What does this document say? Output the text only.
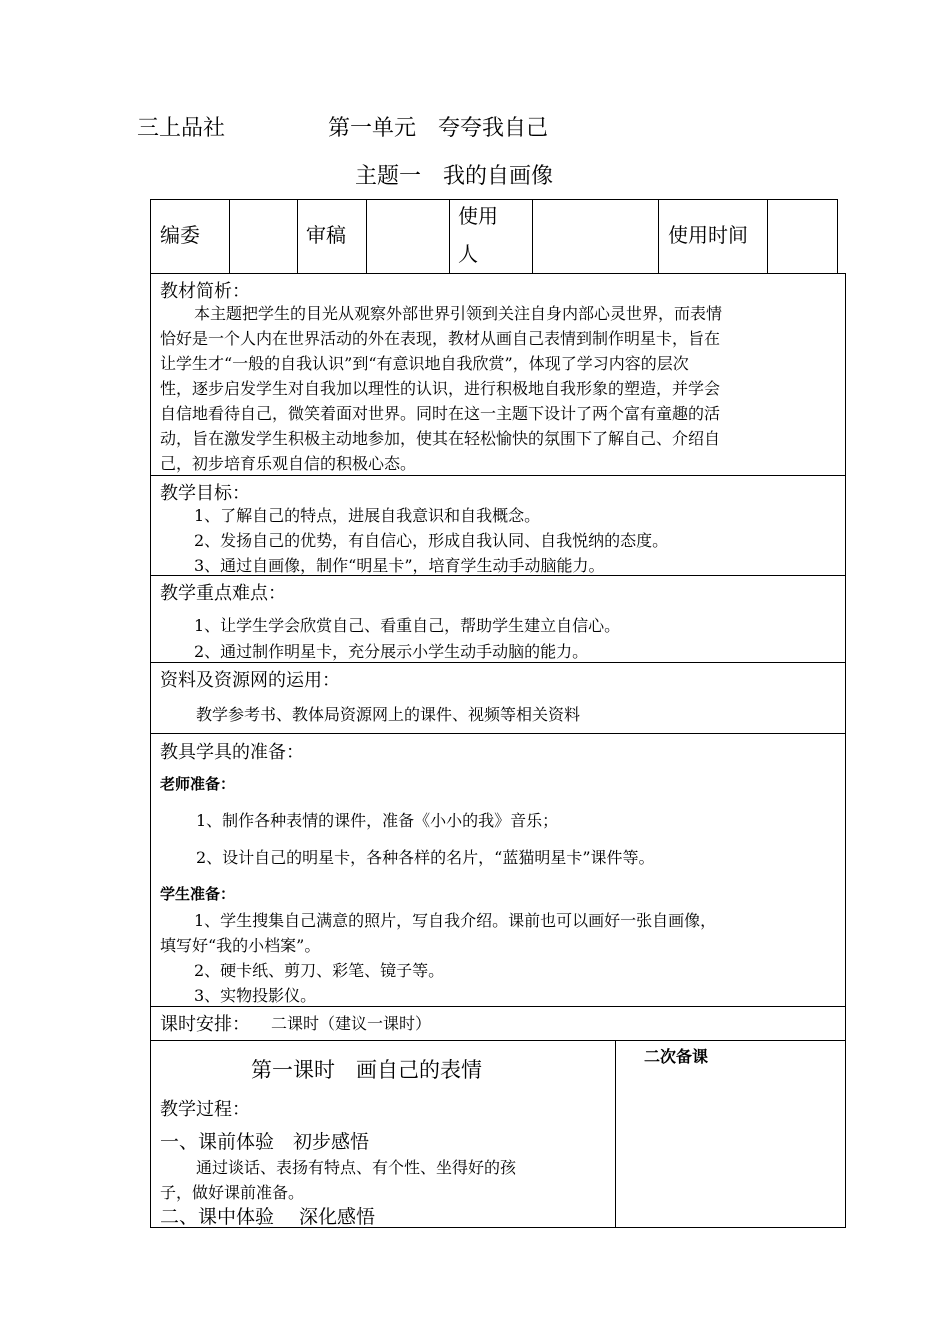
三上品社	第一单元　夸夸我自己
主题一　我的自画像
编委	审稿
使用
人
使用时间
教材简析：
本主题把学生的目光从观察外部世界引领到关注自身内部心灵世界，而表情
恰好是一个人内在世界活动的外在表现，教材从画自己表情到制作明星卡，旨在
让学生才“一般的自我认识”到“有意识地自我欣赏”，体现了学习内容的层次
性，逐步启发学生对自我加以理性的认识，进行积极地自我形象的塑造，并学会
自信地看待自己，微笑着面对世界。同时在这一主题下设计了两个富有童趣的活
动，旨在激发学生积极主动地参加，使其在轻松愉快的氛围下了解自己、介绍自
己，初步培育乐观自信的积极心态。
教学目标：
1、了解自己的特点，进展自我意识和自我概念。
2、发扬自己的优势，有自信心，形成自我认同、自我悦纳的态度。
3、通过自画像，制作“明星卡”，培育学生动手动脑能力。
教学重点难点：
1、让学生学会欣赏自己、看重自己，帮助学生建立自信心。
2、通过制作明星卡，充分展示小学生动手动脑的能力。
资料及资源网的运用：
教学参考书、教体局资源网上的课件、视频等相关资料
教具学具的准备：
老师准备：
1、制作各种表情的课件，准备《小小的我》音乐；
2、设计自己的明星卡，各种各样的名片，“蓝猫明星卡”课件等。
学生准备：
1、学生搜集自己满意的照片，写自我介绍。课前也可以画好一张自画像，
填写好“我的小档案”。
2、硬卡纸、剪刀、彩笔、镜子等。
3、实物投影仪。
课时安排： 二课时（建议一课时）
第一课时　画自己的表情
二次备课
教学过程：
一、课前体验　初步感悟
通过谈话、表扬有特点、有个性、坐得好的孩
子，做好课前准备。
二、课中体验　 深化感悟
